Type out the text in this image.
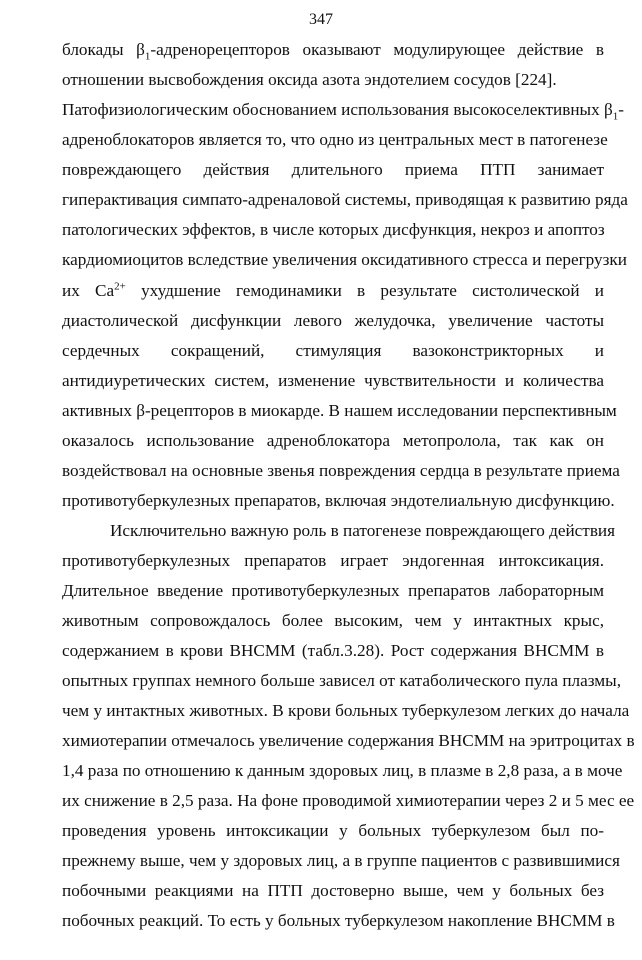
347
блокады $\beta_1$-адренорецепторов оказывают модулирующее действие в
отношении высвобождения оксида азота эндотелием сосудов [224].
Патофизиологическим обоснованием использования высокоселективных $\beta_1-$
адреноблокаторов является то, что одно из центральных мест в патогенезе
повреждающего действия длительного приема ПТП занимает
гиперактивация симпато-адреналовой системы, приводящая к развитию ряда
патологических эффектов, в числе которых дисфункция, некроз и апоптоз
кардиомиоцитов вследствие увеличения оксидативного стресса и перегрузки
их $Ca^{2+}$ ухудшение гемодинамики в результате систолической и
диастолической дисфункции левого желудочка, увеличение частоты
сердечных сокращений, стимуляция вазоконстрикторных и
антидиуретических систем, изменение чувствительности и количества
активных β-рецепторов в миокарде. В нашем исследовании перспективным
оказалось использование адреноблокатора метопролола, так как он
воздействовал на основные звенья повреждения сердца в результате приема
противотуберкулезных препаратов, включая эндотелиальную дисфункцию.
Исключительно важную роль в патогенезе повреждающего действия
противотуберкулезных препаратов играет эндогенная интоксикация.
Длительное введение противотуберкулезных препаратов лабораторным
животным сопровождалось более высоким, чем у интактных крыс,
содержанием в крови ВНСММ (табл.3.28). Рост содержания ВНСММ в
опытных группах немного больше зависел от катаболического пула плазмы,
чем у интактных животных. В крови больных туберкулезом легких до начала
химиотерапии отмечалось увеличение содержания ВНСММ на эритроцитах в
1,4 раза по отношению к данным здоровых лиц, в плазме в 2,8 раза, а в моче
их снижение в 2,5 раза. На фоне проводимой химиотерапии через 2 и 5 мес ее
проведения уровень интоксикации у больных туберкулезом был по-
прежнему выше, чем у здоровых лиц, а в группе пациентов с развившимися
побочными реакциями на ПТП достоверно выше, чем у больных без
побочных реакций. То есть у больных туберкулезом накопление ВНСММ в
